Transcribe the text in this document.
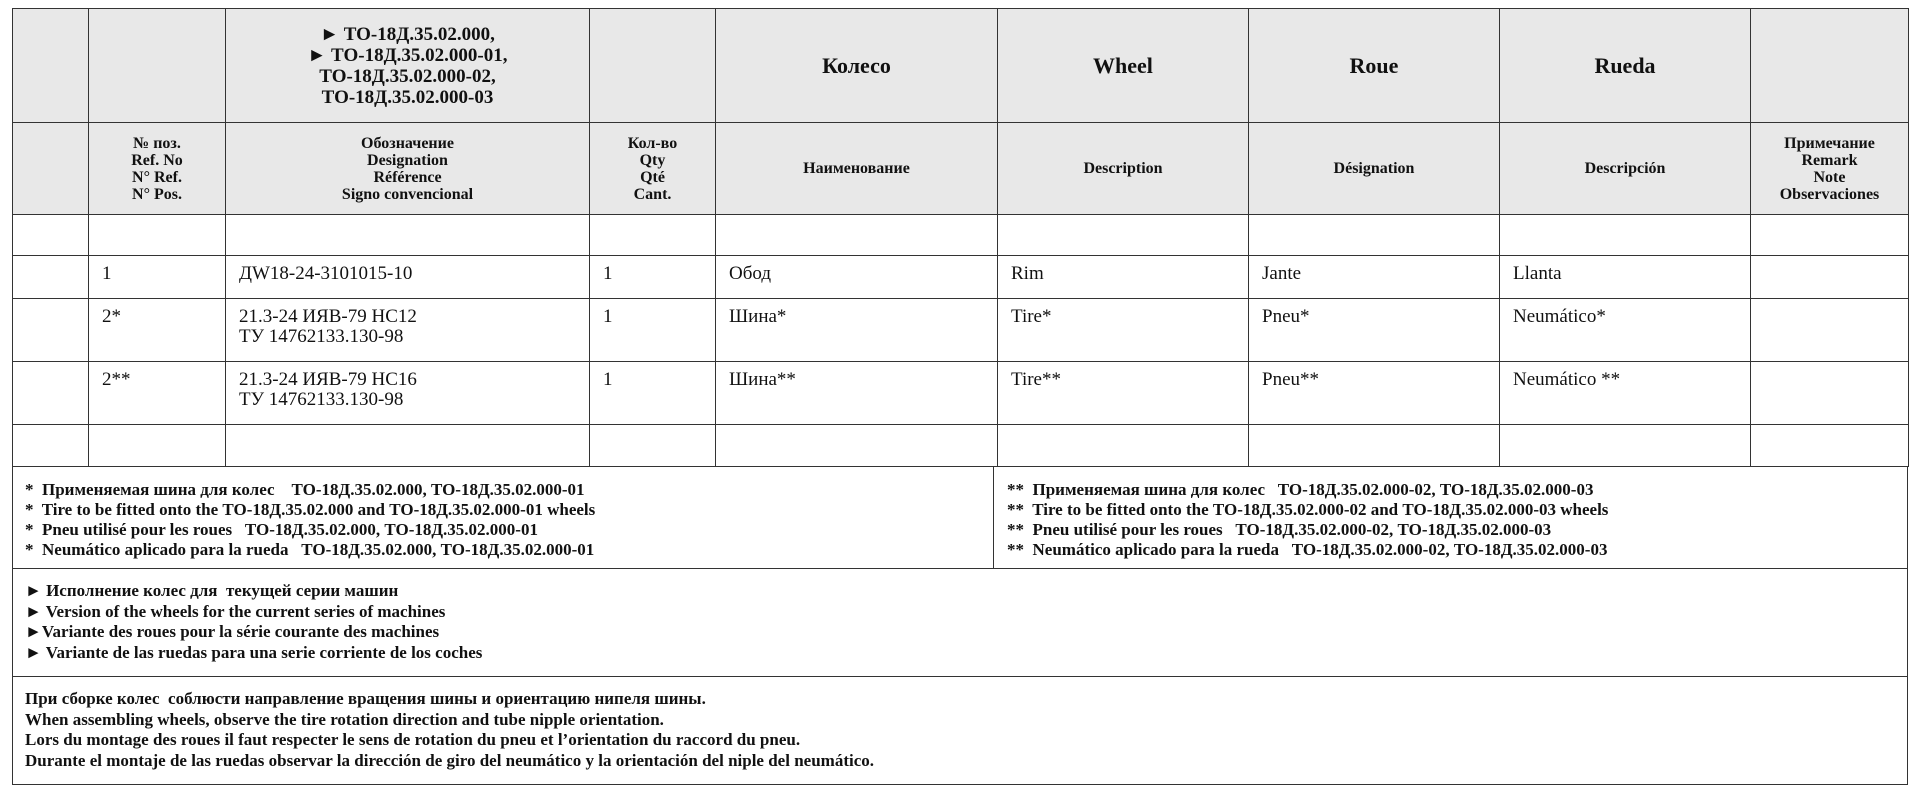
		► ТО-18Д.35.02.000,
► ТО-18Д.35.02.000-01,
ТО-18Д.35.02.000-02,
ТО-18Д.35.02.000-03		Колесо	Wheel	Roue	Rueda	

	№ поз.
Ref. No
N° Ref.
N° Pos.	Обозначение
Designation
Référence
Signo convencional	Кол-во
Qty
Qté
Cant.	Наименование	Description	Désignation	Descripción	Примечание
Remark
Note
Observaciones

	1	ДW18-24-3101015-10	1	Обод	Rim	Jante	Llanta	
	2*	21.3-24 ИЯВ-79 НС12
ТУ 14762133.130-98	1	Шина*	Tire*	Pneu*	Neumático*	
	2**	21.3-24 ИЯВ-79 НС16
ТУ 14762133.130-98	1	Шина**	Tire**	Pneu**	Neumático **	

*  Применяемая шина для колес    ТО-18Д.35.02.000, ТО-18Д.35.02.000-01
*  Tire to be fitted onto the ТО-18Д.35.02.000 and ТО-18Д.35.02.000-01 wheels
*  Pneu utilisé pour les roues   ТО-18Д.35.02.000, ТО-18Д.35.02.000-01
*  Neumático aplicado para la rueda   ТО-18Д.35.02.000, ТО-18Д.35.02.000-01
**  Применяемая шина для колес   ТО-18Д.35.02.000-02, ТО-18Д.35.02.000-03
**  Tire to be fitted onto the ТО-18Д.35.02.000-02 and ТО-18Д.35.02.000-03 wheels
**  Pneu utilisé pour les roues   ТО-18Д.35.02.000-02, ТО-18Д.35.02.000-03
**  Neumático aplicado para la rueda   ТО-18Д.35.02.000-02, ТО-18Д.35.02.000-03
► Исполнение колес для  текущей серии машин
► Version of the wheels for the current series of machines
►Variante des roues pour la série courante des machines
► Variante de las ruedas para una serie corriente de los coches
При сборке колес  соблюсти направление вращения шины и ориентацию нипеля шины.
When assembling wheels, observe the tire rotation direction and tube nipple orientation.
Lors du montage des roues il faut respecter le sens de rotation du pneu et l’orientation du raccord du pneu.
Durante el montaje de las ruedas observar la dirección de giro del neumático y la orientación del niple del neumático.
